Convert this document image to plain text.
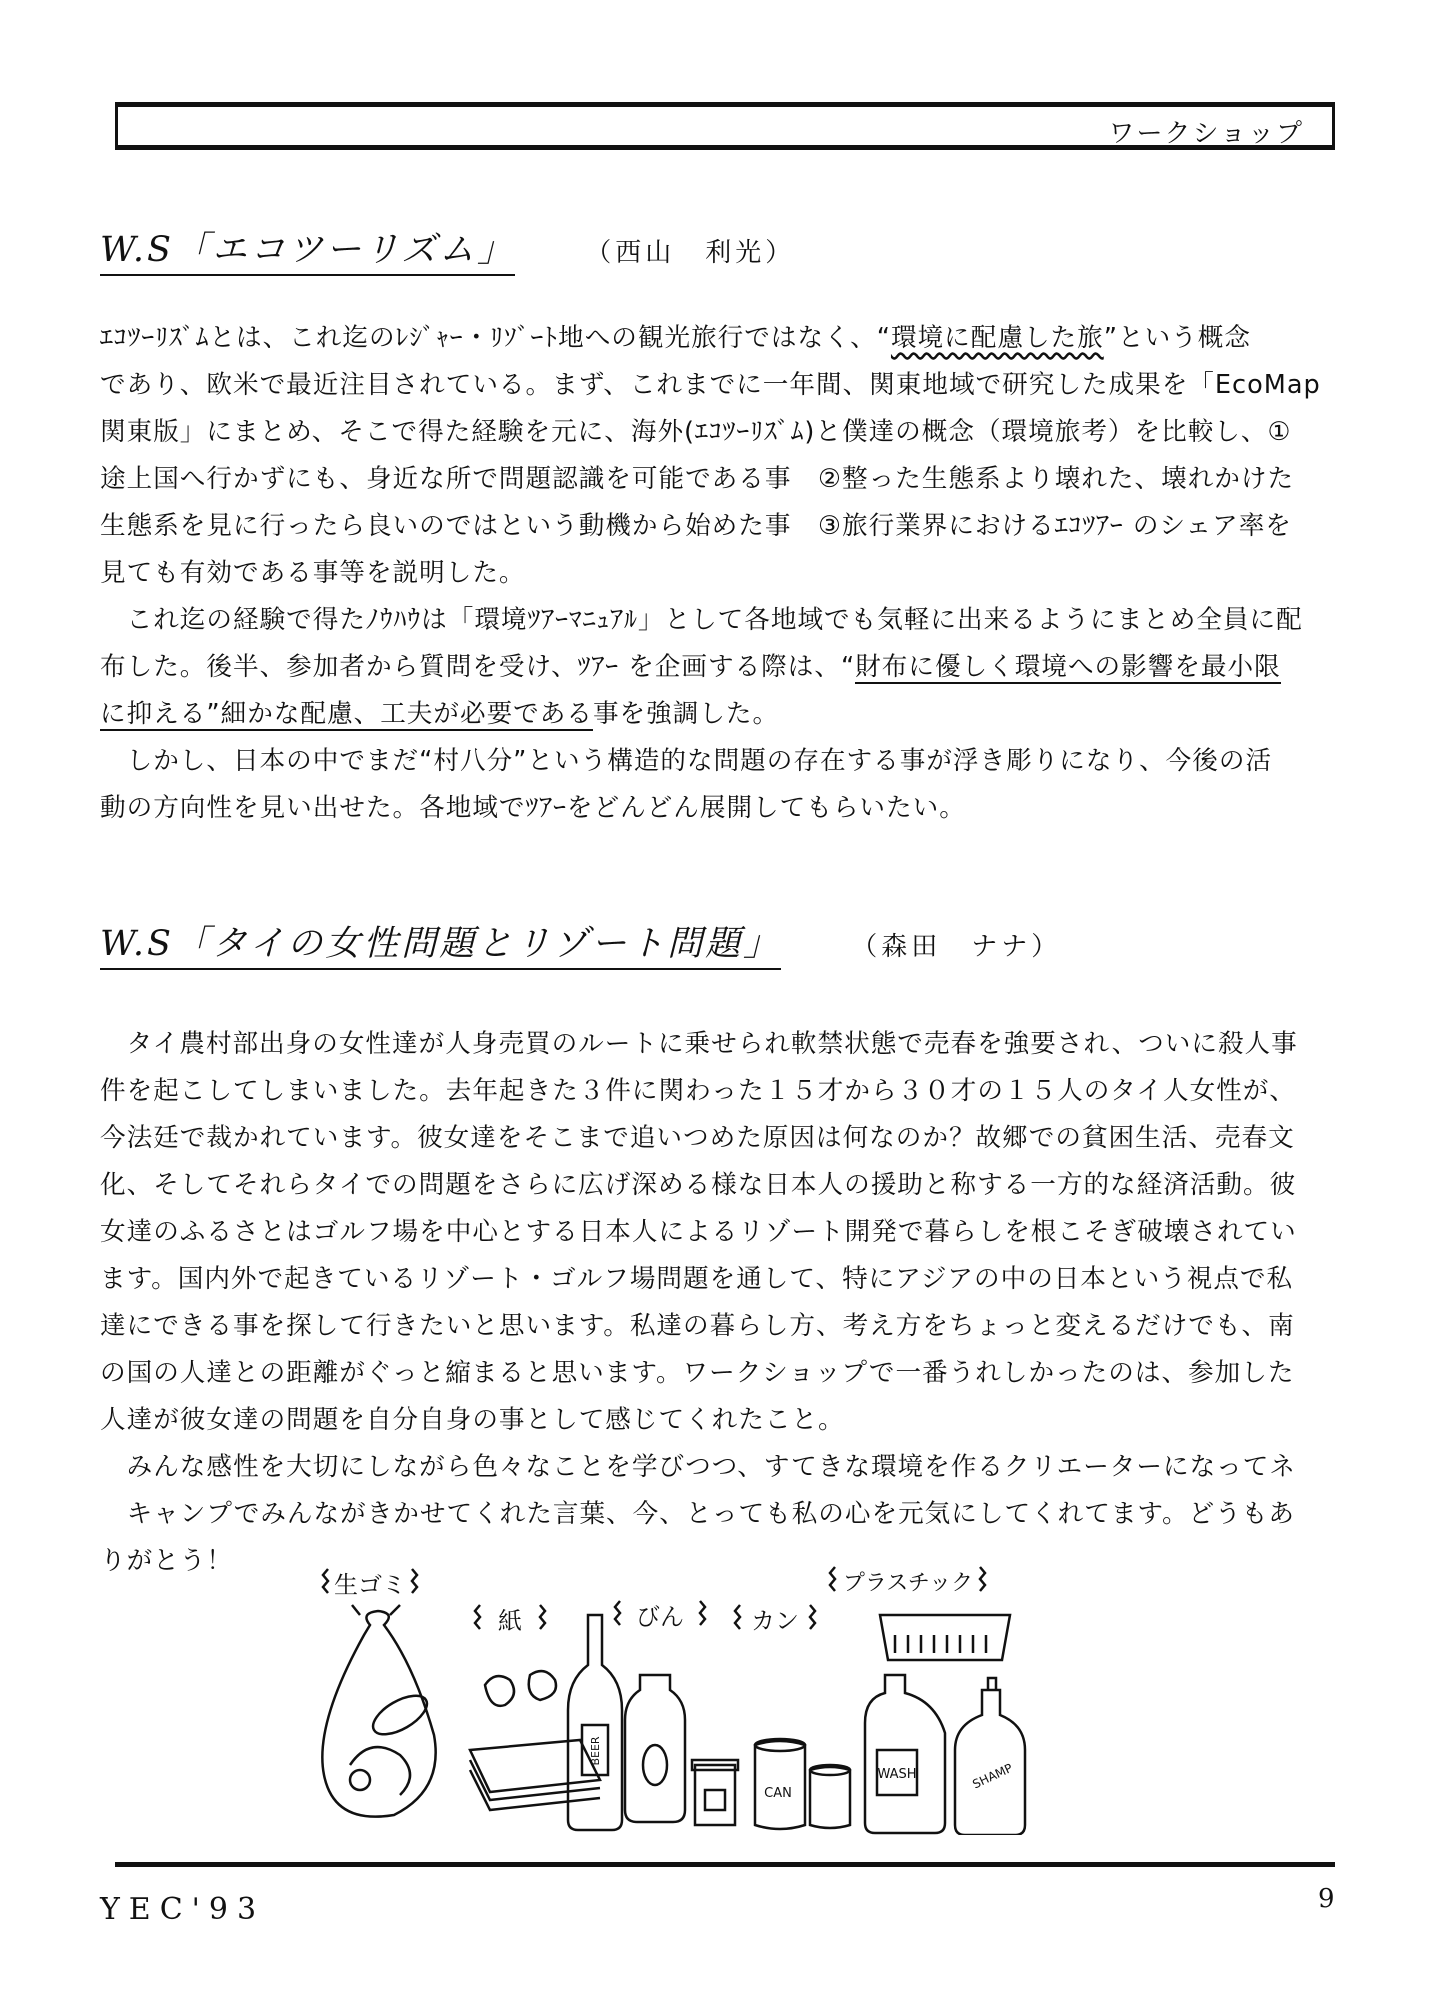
ワークショップ
W.S「エコツーリズム」	（西山　利光）

ｴｺﾂｰﾘｽﾞﾑとは、これ迄のﾚｼﾞｬｰ・ﾘｿﾞｰﾄ地への観光旅行ではなく、“環境に配慮した旅”という概念

であり、欧米で最近注目されている。まず、これまでに一年間、関東地域で研究した成果を「EcoMap

関東版」にまとめ、そこで得た経験を元に、海外(ｴｺﾂｰﾘｽﾞﾑ)と僕達の概念（環境旅考）を比較し、①

途上国へ行かずにも、身近な所で問題認識を可能である事　②整った生態系より壊れた、壊れかけた

生態系を見に行ったら良いのではという動機から始めた事　③旅行業界におけるｴｺﾂｱｰ のシェア率を

見ても有効である事等を説明した。

　これ迄の経験で得たﾉｳﾊｳは「環境ﾂｱｰﾏﾆｭｱﾙ」として各地域でも気軽に出来るようにまとめ全員に配

布した。後半、参加者から質問を受け、ﾂｱｰ を企画する際は、“財布に優しく環境への影響を最小限

に抑える”細かな配慮、工夫が必要である事を強調した。

　しかし、日本の中でまだ“村八分”という構造的な問題の存在する事が浮き彫りになり、今後の活

動の方向性を見い出せた。各地域でﾂｱｰをどんどん展開してもらいたい。

W.S「タイの女性問題とリゾート問題」	（森田　ナナ）

　タイ農村部出身の女性達が人身売買のルートに乗せられ軟禁状態で売春を強要され、ついに殺人事

件を起こしてしまいました。去年起きた３件に関わった１５才から３０才の１５人のタイ人女性が、

今法廷で裁かれています。彼女達をそこまで追いつめた原因は何なのか？故郷での貧困生活、売春文

化、そしてそれらタイでの問題をさらに広げ深める様な日本人の援助と称する一方的な経済活動。彼

女達のふるさとはゴルフ場を中心とする日本人によるリゾート開発で暮らしを根こそぎ破壊されてい

ます。国内外で起きているリゾート・ゴルフ場問題を通して、特にアジアの中の日本という視点で私

達にできる事を探して行きたいと思います。私達の暮らし方、考え方をちょっと変えるだけでも、南

の国の人達との距離がぐっと縮まると思います。ワークショップで一番うれしかったのは、参加した

人達が彼女達の問題を自分自身の事として感じてくれたこと。

　みんな感性を大切にしながら色々なことを学びつつ、すてきな環境を作るクリエーターになってネ

　キャンプでみんながきかせてくれた言葉、今、とっても私の心を元気にしてくれてます。どうもあ

りがとう！

生ゴミ
紙	びん	カン
プラスチック
BEER
CAN
WASH	SHAMP
YEC'93	9
